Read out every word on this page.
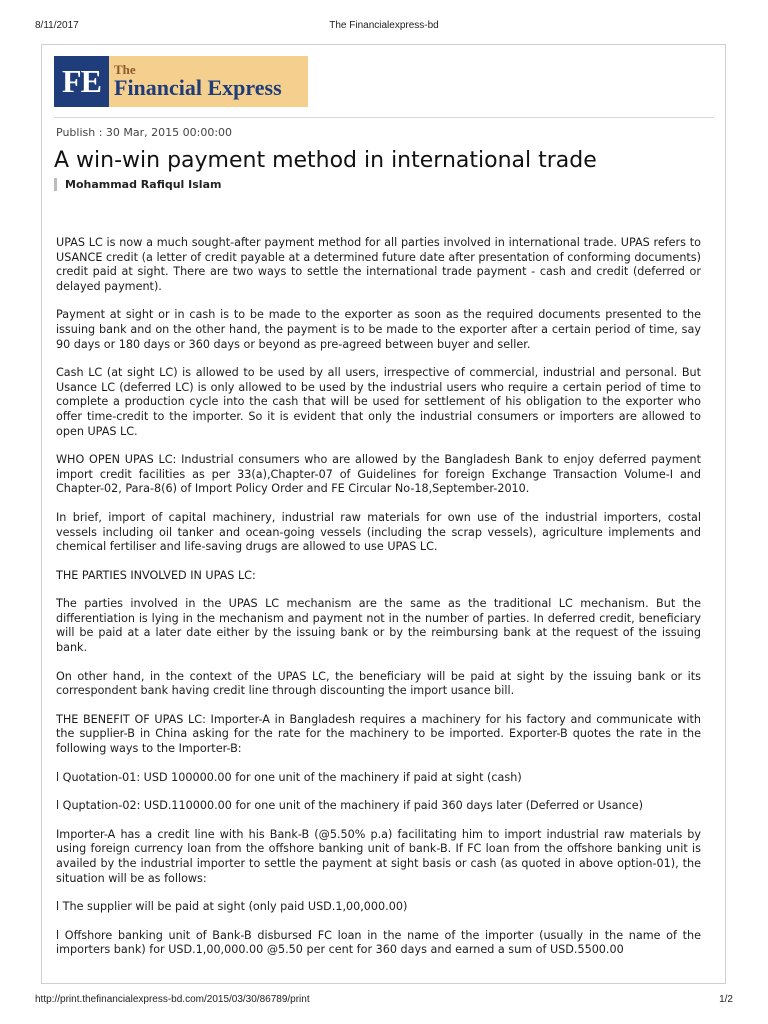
8/11/2017	The Financialexpress-bd
FE	The
Financial Express
Publish : 30 Mar, 2015 00:00:00
A win-win payment method in international trade
Mohammad Rafiqul Islam

UPAS LC is now a much sought-after payment method for all parties involved in international trade. UPAS refers to USANCE credit (a letter of credit payable at a determined future date after presentation of conforming documents) credit paid at sight. There are two ways to settle the international trade payment - cash and credit (deferred or delayed payment).

Payment at sight or in cash is to be made to the exporter as soon as the required documents presented to the issuing bank and on the other hand, the payment is to be made to the exporter after a certain period of time, say 90 days or 180 days or 360 days or beyond as pre-agreed between buyer and seller.

Cash LC (at sight LC) is allowed to be used by all users, irrespective of commercial, industrial and personal. But Usance LC (deferred LC) is only allowed to be used by the industrial users who require a certain period of time to complete a production cycle into the cash that will be used for settlement of his obligation to the exporter who offer time-credit to the importer. So it is evident that only the industrial consumers or importers are allowed to open UPAS LC.

WHO OPEN UPAS LC: Industrial consumers who are allowed by the Bangladesh Bank to enjoy deferred payment import credit facilities as per 33(a),Chapter-07 of Guidelines for foreign Exchange Transaction Volume-I and Chapter-02, Para-8(6) of Import Policy Order and FE Circular No-18,September-2010.

In brief, import of capital machinery, industrial raw materials for own use of the industrial importers, costal vessels including oil tanker and ocean-going vessels (including the scrap vessels), agriculture implements and chemical fertiliser and life-saving drugs are allowed to use UPAS LC.

THE PARTIES INVOLVED IN UPAS LC:

The parties involved in the UPAS LC mechanism are the same as the traditional LC mechanism. But the differentiation is lying in the mechanism and payment not in the number of parties. In deferred credit, beneficiary will be paid at a later date either by the issuing bank or by the reimbursing bank at the request of the issuing bank.

On other hand, in the context of the UPAS LC, the beneficiary will be paid at sight by the issuing bank or its correspondent bank having credit line through discounting the import usance bill.

THE BENEFIT OF UPAS LC: Importer-A in Bangladesh requires a machinery for his factory and communicate with the supplier-B in China asking for the rate for the machinery to be imported. Exporter-B quotes the rate in the following ways to the Importer-B:

l Quotation-01: USD 100000.00 for one unit of the machinery if paid at sight (cash)

l Quptation-02: USD.110000.00 for one unit of the machinery if paid 360 days later (Deferred or Usance)

Importer-A has a credit line with his Bank-B (@5.50% p.a) facilitating him to import industrial raw materials by using foreign currency loan from the offshore banking unit of bank-B. If FC loan from the offshore banking unit is availed by the industrial importer to settle the payment at sight basis or cash (as quoted in above option-01), the situation will be as follows:

l The supplier will be paid at sight (only paid USD.1,00,000.00)

l Offshore banking unit of Bank-B disbursed FC loan in the name of the importer (usually in the name of the importers bank) for USD.1,00,000.00 @5.50 per cent for 360 days and earned a sum of USD.5500.00

http://print.thefinancialexpress-bd.com/2015/03/30/86789/print	1/2
